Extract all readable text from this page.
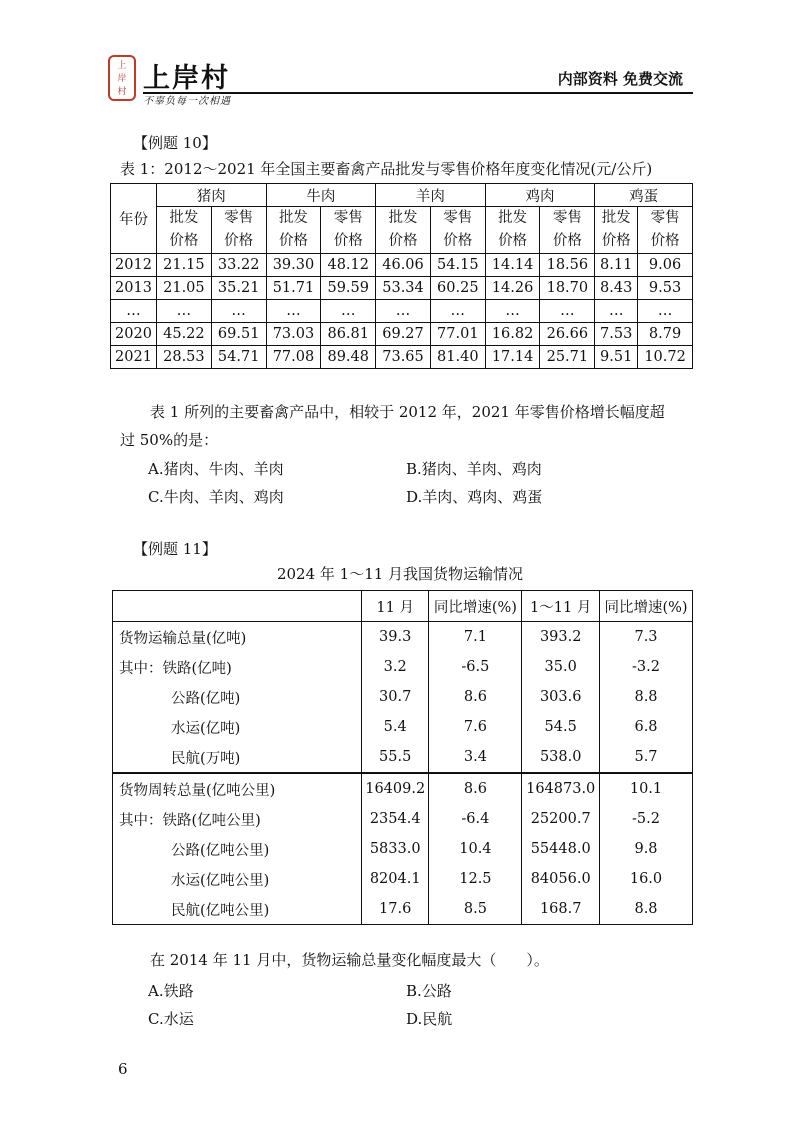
上
岸
村 上岸村
不辜负每一次相遇
内部资料 免费交流
【例题 10】
表 1：2012～2021 年全国主要畜禽产品批发与零售价格年度变化情况(元/公斤)
年份	猪肉		牛肉		羊肉		鸡肉		鸡蛋	

	批发价格	零售价格	批发价格	零售价格	批发价格	零售价格	批发价格	零售价格	批发价格	零售价格

2012	21.15	33.22	39.30	48.12	46.06	54.15	14.14	18.56	8.11	9.06
2013	21.05	35.21	51.71	59.59	53.34	60.25	14.26	18.70	8.43	9.53
…	…	…	…	…	…	…	…	…	…	…
2020	45.22	69.51	73.03	86.81	69.27	77.01	16.82	26.66	7.53	8.79
2021	28.53	54.71	77.08	89.48	73.65	81.40	17.14	25.71	9.51	10.72
表 1 所列的主要畜禽产品中，相较于 2012 年，2021 年零售价格增长幅度超
过 50%的是：
A.猪肉、牛肉、羊肉	B.猪肉、羊肉、鸡肉
C.牛肉、羊肉、鸡肉	D.羊肉、鸡肉、鸡蛋
【例题 11】
2024 年 1～11 月我国货物运输情况
	11 月	同比增速(%)	1～11 月	同比增速(%)
货物运输总量(亿吨)	39.3	7.1	393.2	7.3
其中：铁路(亿吨)	3.2	-6.5	35.0	-3.2
公路(亿吨)	30.7	8.6	303.6	8.8
水运(亿吨)	5.4	7.6	54.5	6.8
民航(万吨)	55.5	3.4	538.0	5.7
货物周转总量(亿吨公里)	16409.2	8.6	164873.0	10.1
其中：铁路(亿吨公里)	2354.4	-6.4	25200.7	-5.2
公路(亿吨公里)	5833.0	10.4	55448.0	9.8
水运(亿吨公里)	8204.1	12.5	84056.0	16.0
民航(亿吨公里)	17.6	8.5	168.7	8.8
在 2014 年 11 月中，货物运输总量变化幅度最大（　　）。
A.铁路	B.公路
C.水运	D.民航
6
